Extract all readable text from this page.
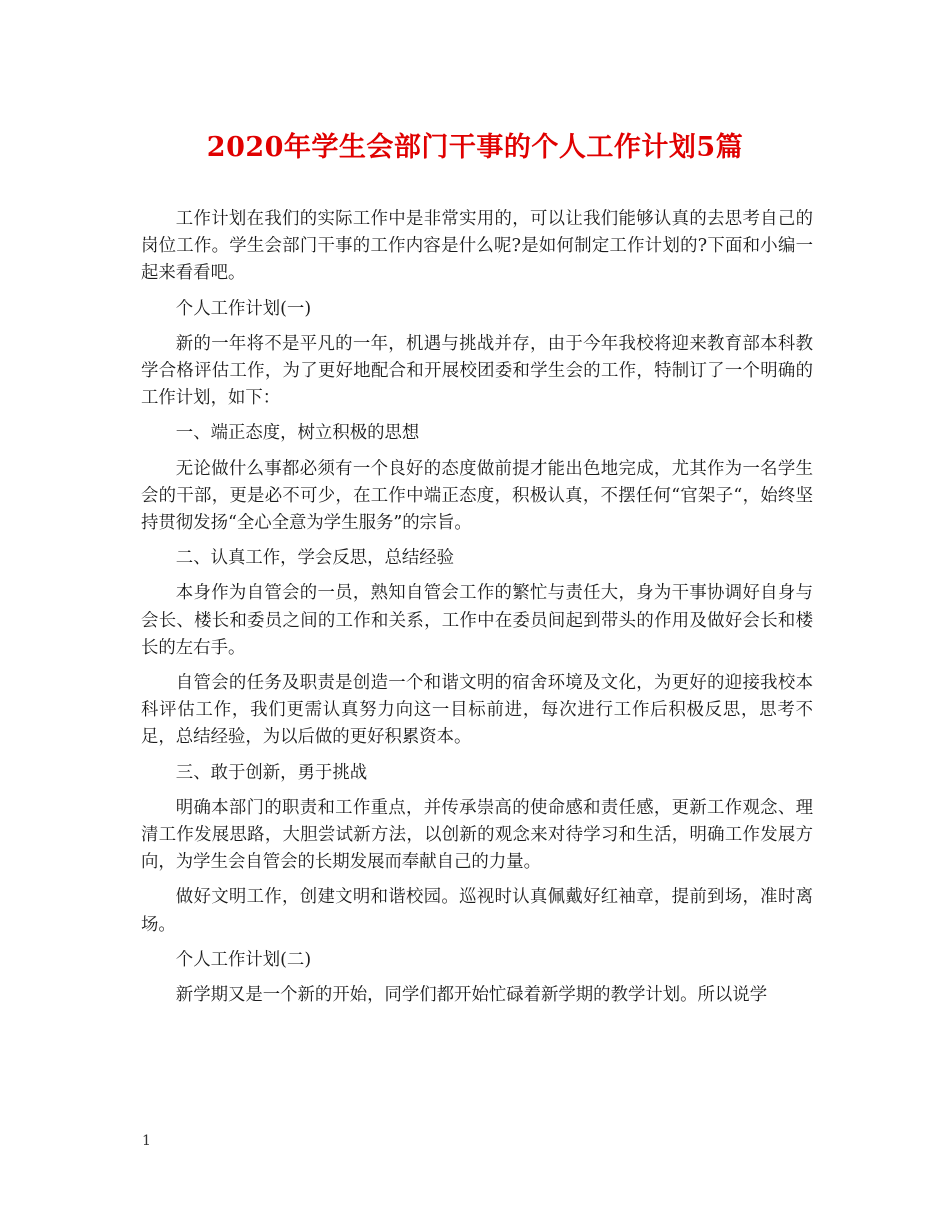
2020年学生会部门干事的个人工作计划5篇

工作计划在我们的实际工作中是非常实用的，可以让我们能够认真的去思考自己的岗位工作。学生会部门干事的工作内容是什么呢?是如何制定工作计划的?下面和小编一起来看看吧。

个人工作计划(一)

新的一年将不是平凡的一年，机遇与挑战并存，由于今年我校将迎来教育部本科教学合格评估工作，为了更好地配合和开展校团委和学生会的工作，特制订了一个明确的工作计划，如下：

一、端正态度，树立积极的思想

无论做什么事都必须有一个良好的态度做前提才能出色地完成，尤其作为一名学生会的干部，更是必不可少，在工作中端正态度，积极认真，不摆任何“官架子“，始终坚持贯彻发扬“全心全意为学生服务”的宗旨。

二、认真工作，学会反思，总结经验

本身作为自管会的一员，熟知自管会工作的繁忙与责任大，身为干事协调好自身与会长、楼长和委员之间的工作和关系，工作中在委员间起到带头的作用及做好会长和楼长的左右手。

自管会的任务及职责是创造一个和谐文明的宿舍环境及文化，为更好的迎接我校本科评估工作，我们更需认真努力向这一目标前进，每次进行工作后积极反思，思考不足，总结经验，为以后做的更好积累资本。

三、敢于创新，勇于挑战

明确本部门的职责和工作重点，并传承崇高的使命感和责任感，更新工作观念、理清工作发展思路，大胆尝试新方法，以创新的观念来对待学习和生活，明确工作发展方向，为学生会自管会的长期发展而奉献自己的力量。

做好文明工作，创建文明和谐校园。巡视时认真佩戴好红袖章，提前到场，准时离场。

个人工作计划(二)

新学期又是一个新的开始，同学们都开始忙碌着新学期的教学计划。所以说学

1
